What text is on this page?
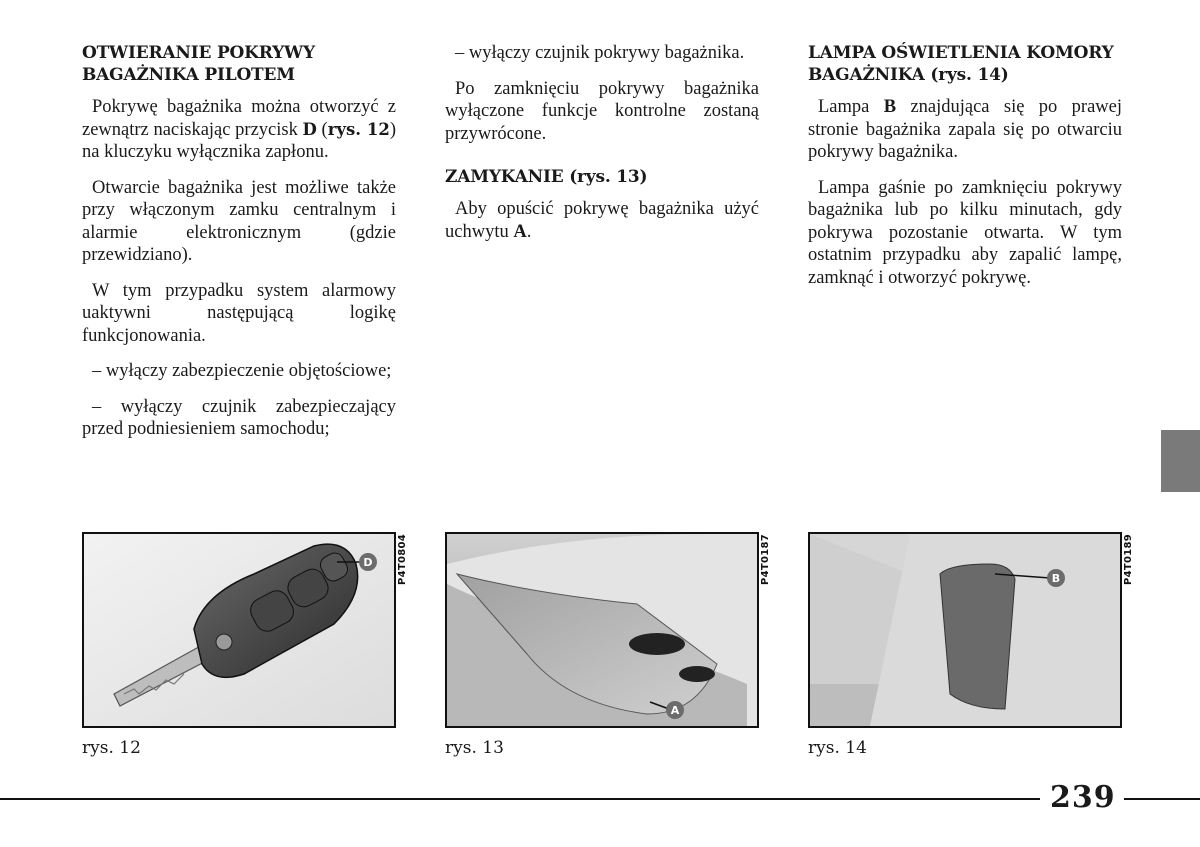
OTWIERANIE POKRYWY
BAGAŻNIKA PILOTEM

Pokrywę bagażnika można otworzyć z zewnątrz naciskając przycisk D (rys. 12) na kluczyku wyłącznika zapłonu.

Otwarcie bagażnika jest możliwe także przy włączonym zamku centralnym i alarmie elektronicznym (gdzie przewidziano).

W tym przypadku system alarmowy uaktywni następującą logikę funkcjonowania.

– wyłączy zabezpieczenie objętościowe;

– wyłączy czujnik zabezpieczający przed podniesieniem samochodu;

– wyłączy czujnik pokrywy bagażnika.

Po zamknięciu pokrywy bagażnika wyłączone funkcje kontrolne zostaną przywrócone.

ZAMYKANIE (rys. 13)

Aby opuścić pokrywę bagażnika użyć uchwytu A.

LAMPA OŚWIETLENIA KOMORY
BAGAŻNIKA (rys. 14)

Lampa B znajdująca się po prawej stronie bagażnika zapala się po otwarciu pokrywy bagażnika.

Lampa gaśnie po zamknięciu pokrywy bagażnika lub po kilku minutach, gdy pokrywa pozostanie otwarta. W tym ostatnim przypadku aby zapalić lampę, zamknąć i otworzyć pokrywę.

D P4T0804
rys. 12
A
P4T0187
rys. 13
B	P4T0189
rys. 14
239
